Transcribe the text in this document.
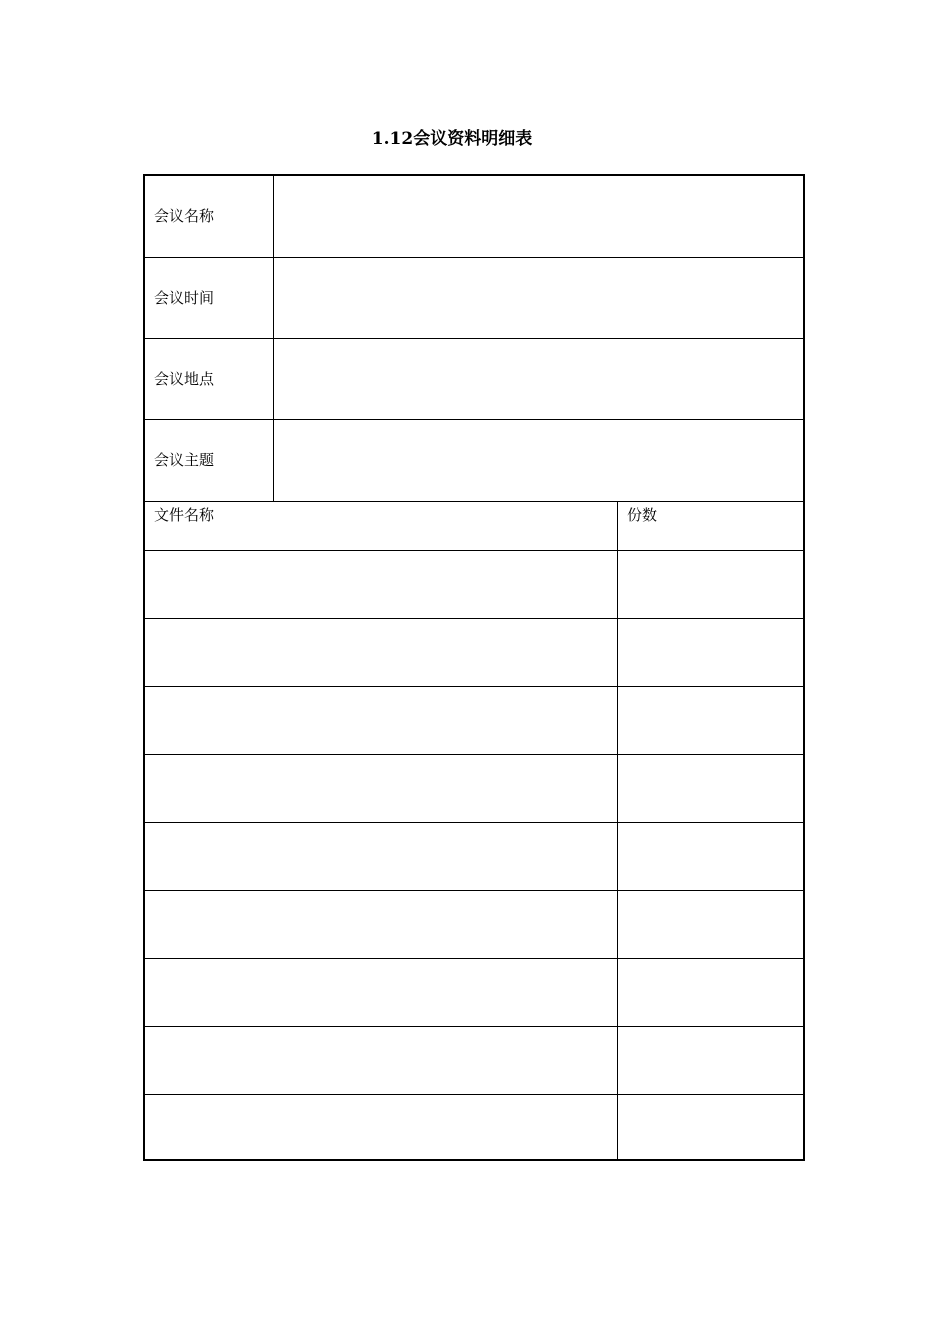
1.12会议资料明细表
会议名称
会议时间
会议地点
会议主题
文件名称	份数
